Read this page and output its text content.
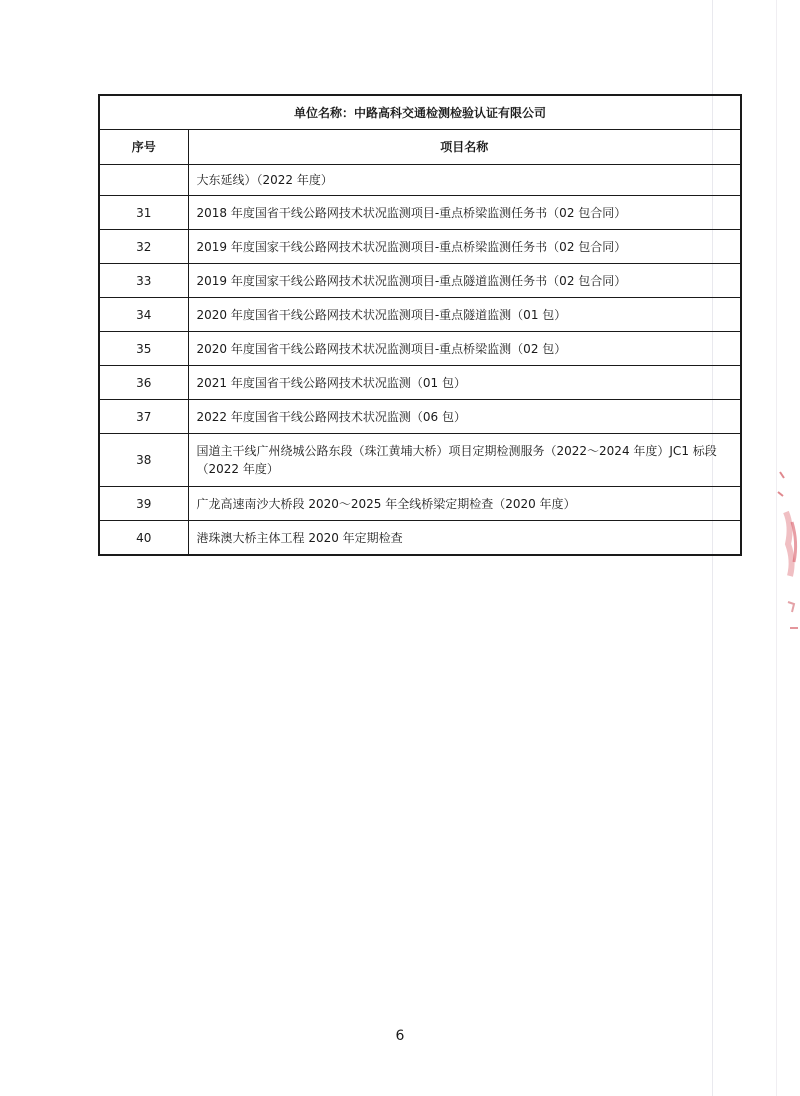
单位名称：中路高科交通检测检验认证有限公司	
序号	项目名称
	大东延线）（2022 年度）
31	2018 年度国省干线公路网技术状况监测项目-重点桥梁监测任务书（02 包合同）
32	2019 年度国家干线公路网技术状况监测项目-重点桥梁监测任务书（02 包合同）
33	2019 年度国家干线公路网技术状况监测项目-重点隧道监测任务书（02 包合同）
34	2020 年度国省干线公路网技术状况监测项目-重点隧道监测（01 包）
35	2020 年度国省干线公路网技术状况监测项目-重点桥梁监测（02 包）
36	2021 年度国省干线公路网技术状况监测（01 包）
37	2022 年度国省干线公路网技术状况监测（06 包）
38	国道主干线广州绕城公路东段（珠江黄埔大桥）项目定期检测服务（2022～2024 年度）JC1 标段（2022 年度）
39	广龙高速南沙大桥段 2020～2025 年全线桥梁定期检查（2020 年度）
40	港珠澳大桥主体工程 2020 年定期检查
6
